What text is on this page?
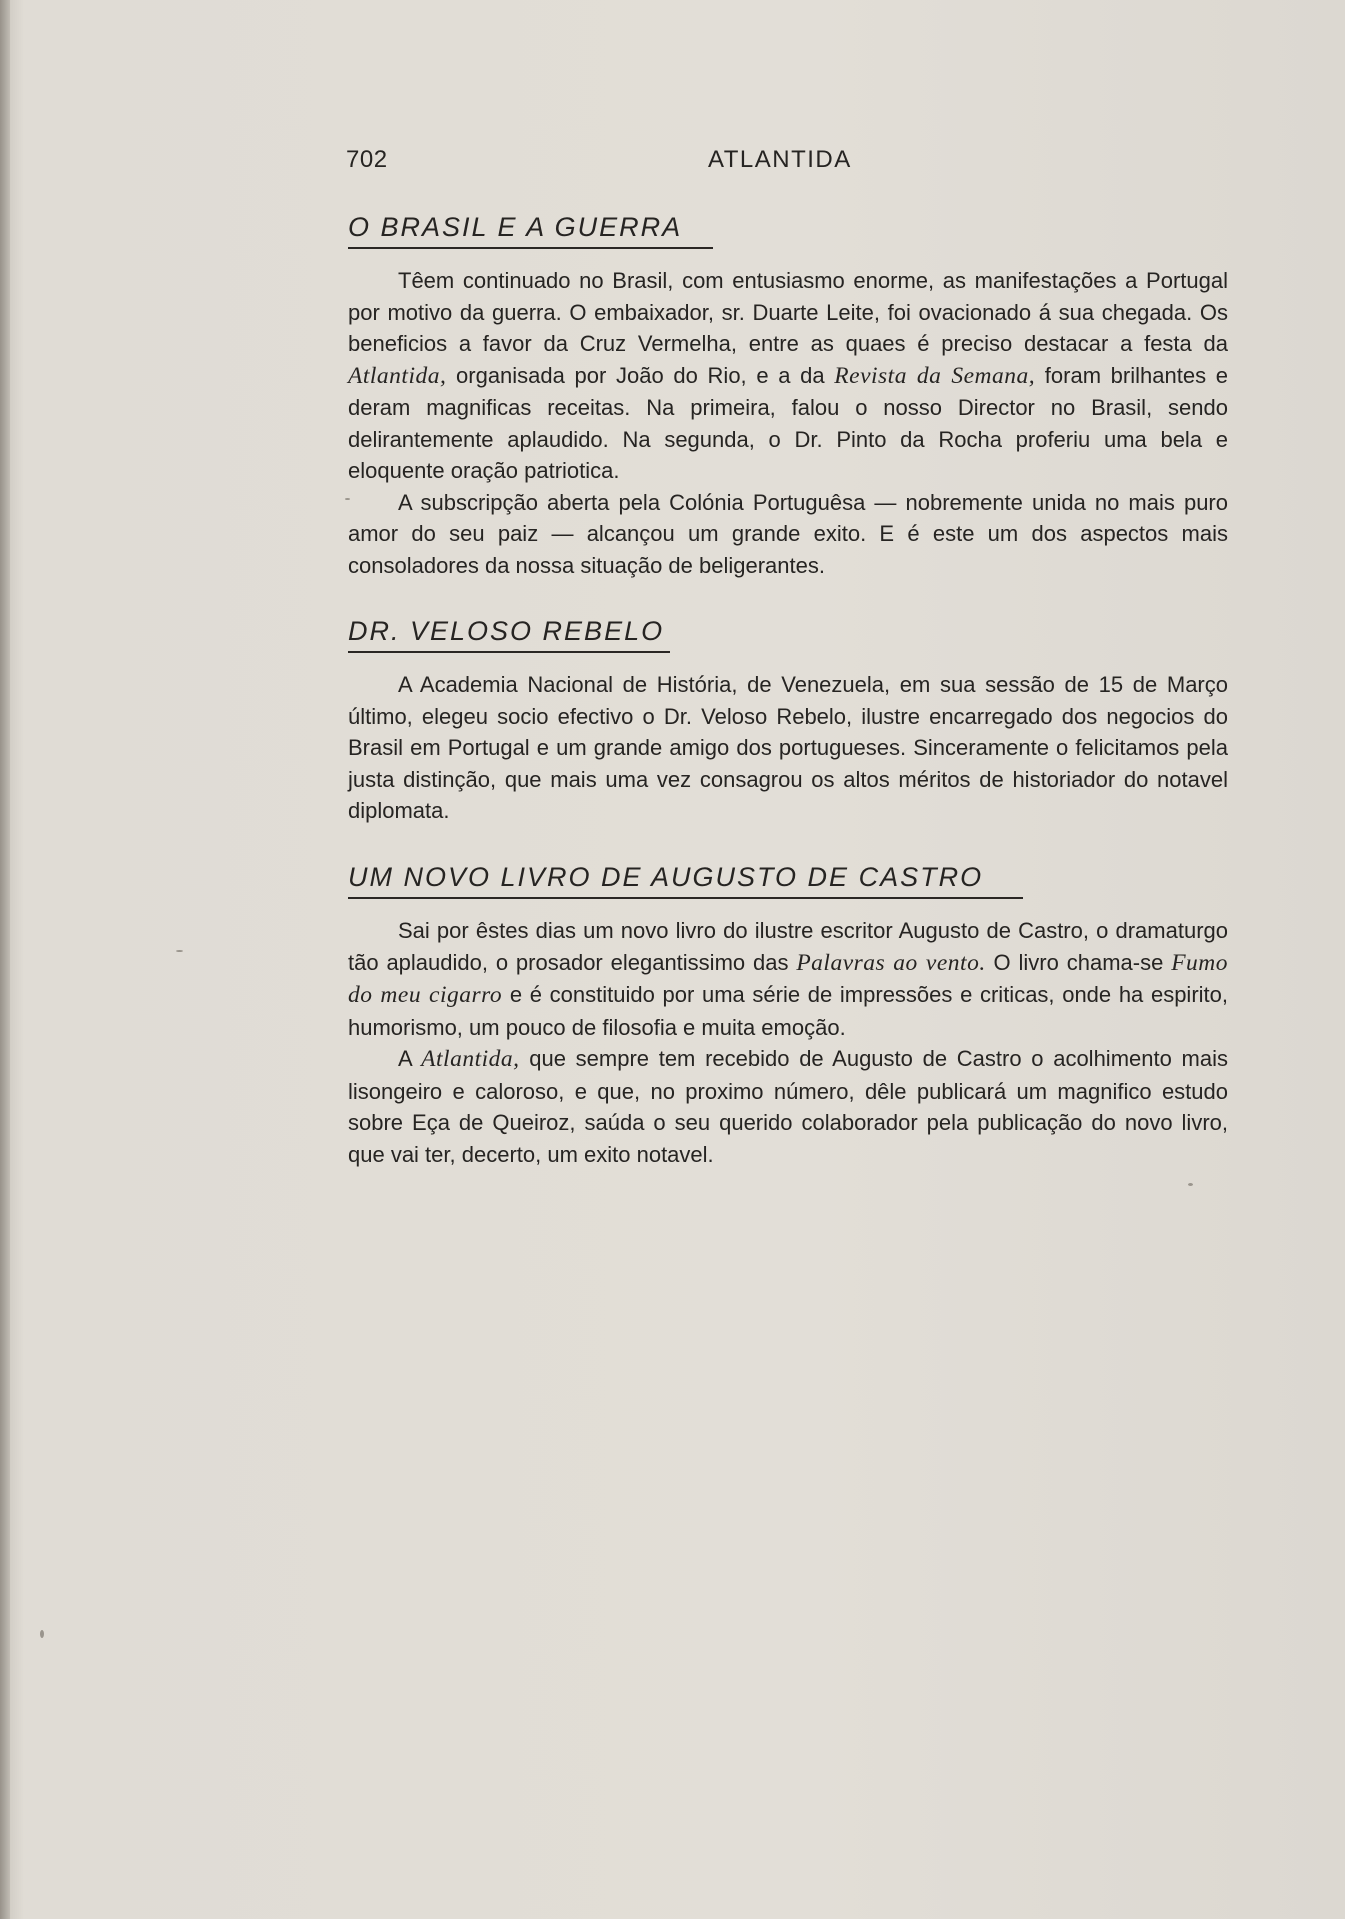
702	ATLANTIDA
O BRASIL E A GUERRA

Têem continuado no Brasil, com entusiasmo enorme, as manifestações a Portugal por motivo da guerra. O embaixador, sr. Duarte Leite, foi ovacionado á sua chegada. Os beneficios a favor da Cruz Vermelha, entre as quaes é preciso destacar a festa da Atlantida, organisada por João do Rio, e a da Revista da Semana, foram brilhantes e deram magnificas receitas. Na primeira, falou o nosso Director no Brasil, sendo delirantemente aplaudido. Na segunda, o Dr. Pinto da Rocha proferiu uma bela e eloquente oração patriotica.

A subscripção aberta pela Colónia Portuguêsa — nobremente unida no mais puro amor do seu paiz — alcançou um grande exito. E é este um dos aspectos mais consoladores da nossa situação de beligerantes.

DR. VELOSO REBELO

A Academia Nacional de História, de Venezuela, em sua sessão de 15 de Março último, elegeu socio efectivo o Dr. Veloso Rebelo, ilustre encarregado dos negocios do Brasil em Portugal e um grande amigo dos portugueses. Sinceramente o felicitamos pela justa distinção, que mais uma vez consagrou os altos méritos de historiador do notavel diplomata.

UM NOVO LIVRO DE AUGUSTO DE CASTRO

Sai por êstes dias um novo livro do ilustre escritor Augusto de Castro, o dramaturgo tão aplaudido, o prosador elegantissimo das Palavras ao vento. O livro chama-se Fumo do meu cigarro e é constituido por uma série de impressões e criticas, onde ha espirito, humorismo, um pouco de filosofia e muita emoção.

A Atlantida, que sempre tem recebido de Augusto de Castro o acolhimento mais lisongeiro e caloroso, e que, no proximo número, dêle publicará um magnifico estudo sobre Eça de Queiroz, saúda o seu querido colaborador pela publicação do novo livro, que vai ter, decerto, um exito notavel.
